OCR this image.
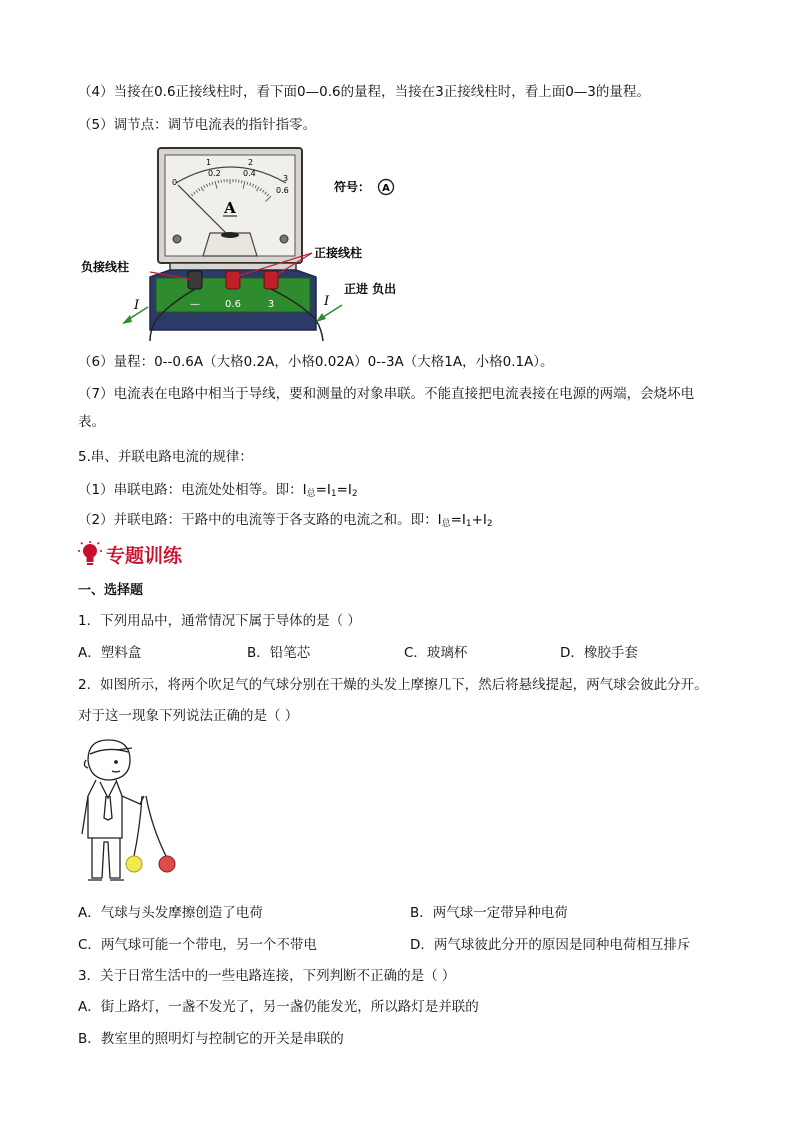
（4）当接在0.6正接线柱时，看下面0—0.6的量程，当接在3正接线柱时，看上面0—3的量程。
（5）调节点：调节电流表的指针指零。
A
1	2
3
0
0.2	0.4
0.6
—	0.6	3
I	I
负接线柱
正接线柱
正进 负出
符号： A
（6）量程：0--0.6A（大格0.2A，小格0.02A）0--3A（大格1A，小格0.1A）。
（7）电流表在电路中相当于导线，要和测量的对象串联。不能直接把电流表接在电源的两端，会烧坏电
表。
5.串、并联电路电流的规律：
（1）串联电路：电流处处相等。即：$I_总=I_1=I_2$
（2）并联电路：干路中的电流等于各支路的电流之和。即：$I_总=I_1+I_2$
专题训练
一、选择题
1．下列用品中，通常情况下属于导体的是（ ）
A．塑料盒	B．铅笔芯	C．玻璃杯	D．橡胶手套
2．如图所示，将两个吹足气的气球分别在干燥的头发上摩擦几下，然后将悬线提起，两气球会彼此分开。
对于这一现象下列说法正确的是（ ）
A．气球与头发摩擦创造了电荷	B．两气球一定带异种电荷
C．两气球可能一个带电，另一个不带电	D．两气球彼此分开的原因是同种电荷相互排斥
3．关于日常生活中的一些电路连接，下列判断不正确的是（ ）
A．街上路灯，一盏不发光了，另一盏仍能发光，所以路灯是并联的
B．教室里的照明灯与控制它的开关是串联的
